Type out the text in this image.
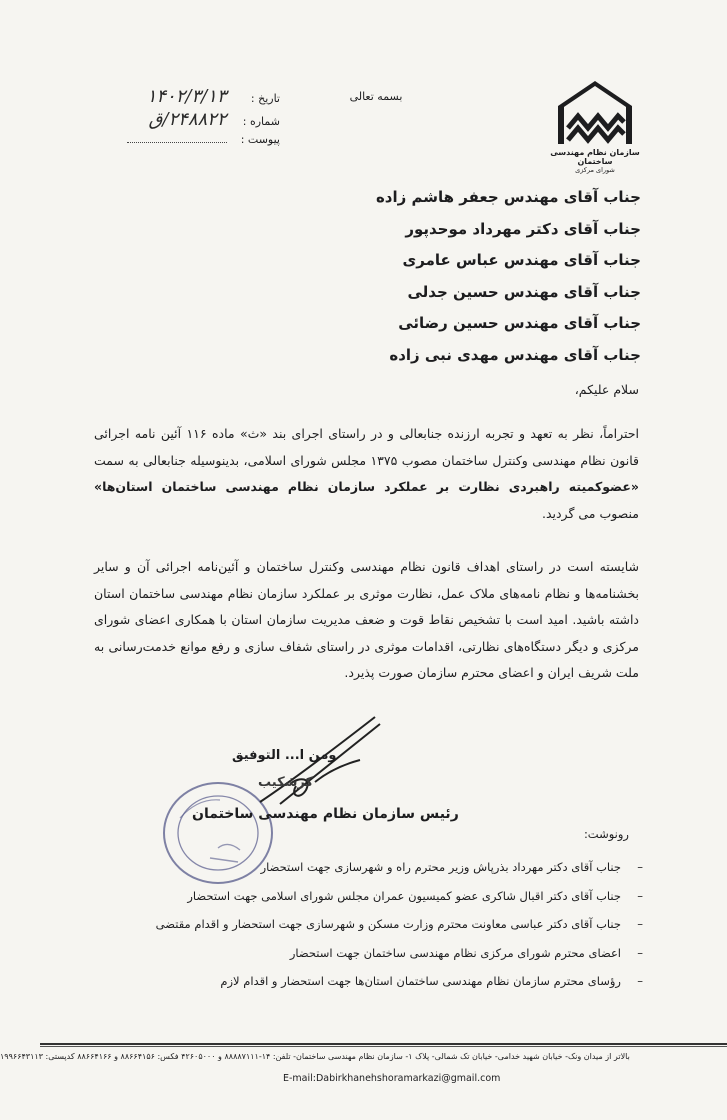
سازمان نظام مهندسی ساختمان
شورای مرکزی
بسمه تعالی
تاریخ : ۱۴۰۲/۳/۱۳
شماره : ۲۴۸۸۲۲/ق
پیوست :
جناب آقای مهندس جعفر هاشم زاده
جناب آقای دکتر مهرداد موحدپور
جناب آقای مهندس عباس عامری
جناب آقای مهندس حسین جدلی
جناب آقای مهندس حسین رضائی
جناب آقای مهندس مهدی نبی زاده
سلام علیکم،
احتراماً، نظر به تعهد و تجربه ارزنده جنابعالی و در راستای اجرای بند «ث» ماده ۱۱۶ آئین نامه اجرائی قانون نظام مهندسی وکنترل ساختمان مصوب ۱۳۷۵ مجلس شورای اسلامی، بدینوسیله جنابعالی به سمت «عضوکمیته راهبردی نظارت بر عملکرد سازمان نظام مهندسی ساختمان استان‌ها» منصوب می گردید.
شایسته است در راستای اهداف قانون نظام مهندسی وکنترل ساختمان و آئین‌نامه اجرائی آن و سایر بخشنامه‌ها و نظام نامه‌های ملاک عمل، نظارت موثری بر عملکرد سازمان نظام مهندسی ساختمان استان داشته باشید. امید است با تشخیص نقاط قوت و ضعف مدیریت سازمان استان با همکاری اعضای شورای مرکزی و دیگر دستگاه‌های نظارتی، اقدامات موثری در راستای شفاف سازی و رفع موانع خدمت‌رسانی به ملت شریف ایران و اعضای محترم سازمان صورت پذیرد.
ومن ا... التوفیق
کرشکیب
رئیس سازمان نظام مهندسی ساختمان
رونوشت:
–جناب آقای دکتر مهرداد بذرپاش وزیر محترم راه و شهرسازی جهت استحضار
–جناب آقای دکتر اقبال شاکری عضو کمیسیون عمران مجلس شورای اسلامی جهت استحضار
–جناب آقای دکتر عباسی معاونت محترم وزارت مسکن و شهرسازی جهت استحضار و اقدام مقتضی
–اعضای محترم شورای مرکزی نظام مهندسی ساختمان جهت استحضار
–رؤسای محترم سازمان نظام مهندسی ساختمان استان‌ها جهت استحضار و اقدام لازم
بالاتر از میدان ونک- خیابان شهید خدامی- خیابان تک شمالی- پلاک ۱- سازمان نظام مهندسی ساختمان- تلفن: ۱۴-۸۸۸۸۷۱۱۱ و ۴۲۶۰۵۰۰۰ فکس: ۸۸۶۶۴۱۵۶ و ۸۸۶۶۴۱۶۶ کدپستی: ۱۹۹۶۶۴۳۱۱۳
E-mail:Dabirkhanehshoramarkazi@gmail.com
